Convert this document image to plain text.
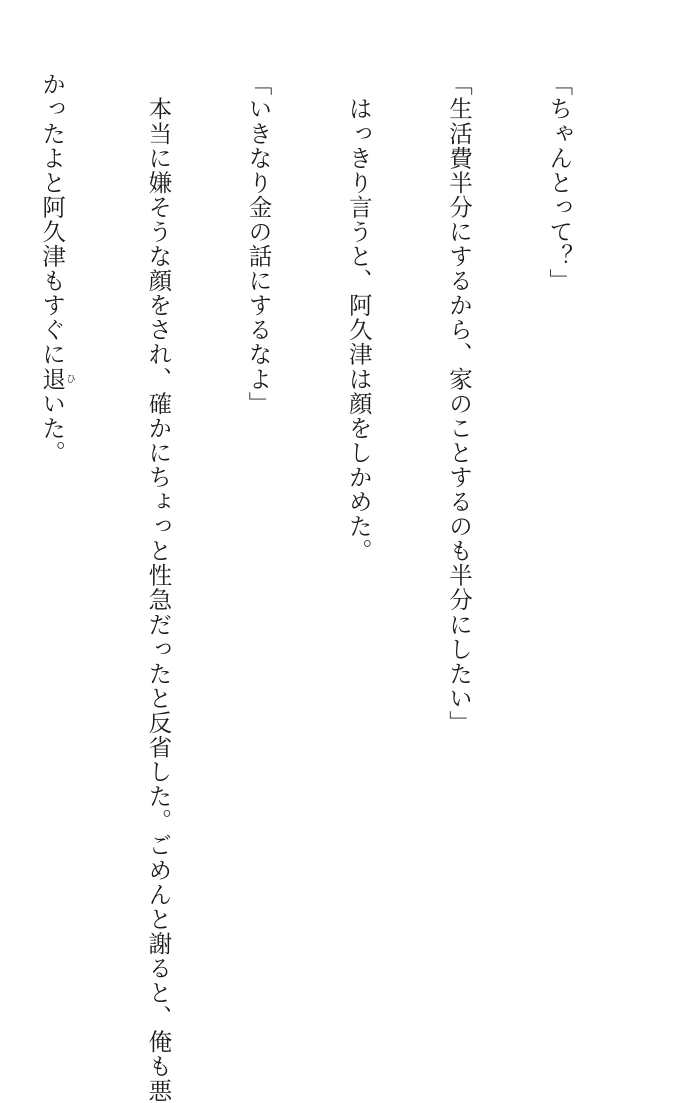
「ちゃんとって？」

「生活費半分にするから、家のことするのも半分にしたい」

　はっきり言うと、阿久津は顔をしかめた。

「いきなり金の話にするなよ」

　本当に嫌そうな顔をされ、確かにちょっと性急だったと反省した。ごめんと謝ると、俺も悪

かったよと阿久津もすぐに退ひいた。
